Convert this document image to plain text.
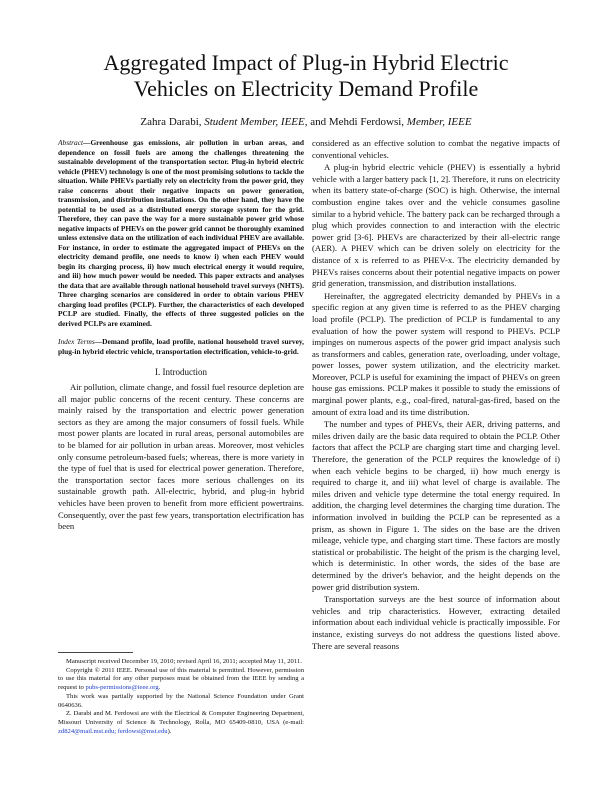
Aggregated Impact of Plug-in Hybrid Electric
Vehicles on Electricity Demand Profile
Zahra Darabi, Student Member, IEEE, and Mehdi Ferdowsi, Member, IEEE

Abstract—Greenhouse gas emissions, air pollution in urban areas, and dependence on fossil fuels are among the challenges threatening the sustainable development of the transportation sector. Plug-in hybrid electric vehicle (PHEV) technology is one of the most promising solutions to tackle the situation. While PHEVs partially rely on electricity from the power grid, they raise concerns about their negative impacts on power generation, transmission, and distribution installations. On the other hand, they have the potential to be used as a distributed energy storage system for the grid. Therefore, they can pave the way for a more sustainable power grid whose negative impacts of PHEVs on the power grid cannot be thoroughly examined unless extensive data on the utilization of each individual PHEV are available. For instance, in order to estimate the aggregated impact of PHEVs on the electricity demand profile, one needs to know i) when each PHEV would begin its charging process, ii) how much electrical energy it would require, and iii) how much power would be needed. This paper extracts and analyses the data that are available through national household travel surveys (NHTS). Three charging scenarios are considered in order to obtain various PHEV charging load profiles (PCLP). Further, the characteristics of each developed PCLP are studied. Finally, the effects of three suggested policies on the derived PCLPs are examined.

Index Terms—Demand profile, load profile, national household travel survey, plug-in hybrid electric vehicle, transportation electrification, vehicle-to-grid.

I. Introduction

Air pollution, climate change, and fossil fuel resource depletion are all major public concerns of the recent century. These concerns are mainly raised by the transportation and electric power generation sectors as they are among the major consumers of fossil fuels. While most power plants are located in rural areas, personal automobiles are to be blamed for air pollution in urban areas. Moreover, most vehicles only consume petroleum-based fuels; whereas, there is more variety in the type of fuel that is used for electrical power generation. Therefore, the transportation sector faces more serious challenges on its sustainable growth path. All-electric, hybrid, and plug-in hybrid vehicles have been proven to benefit from more efficient powertrains. Consequently, over the past few years, transportation electrification has been

considered as an effective solution to combat the negative impacts of conventional vehicles.

A plug-in hybrid electric vehicle (PHEV) is essentially a hybrid vehicle with a larger battery pack [1, 2]. Therefore, it runs on electricity when its battery state-of-charge (SOC) is high. Otherwise, the internal combustion engine takes over and the vehicle consumes gasoline similar to a hybrid vehicle. The battery pack can be recharged through a plug which provides connection to and interaction with the electric power grid [3-6]. PHEVs are characterized by their all-electric range (AER). A PHEV which can be driven solely on electricity for the distance of x is referred to as PHEV-x. The electricity demanded by PHEVs raises concerns about their potential negative impacts on power grid generation, transmission, and distribution installations.

Hereinafter, the aggregated electricity demanded by PHEVs in a specific region at any given time is referred to as the PHEV charging load profile (PCLP). The prediction of PCLP is fundamental to any evaluation of how the power system will respond to PHEVs. PCLP impinges on numerous aspects of the power grid impact analysis such as transformers and cables, generation rate, overloading, under voltage, power losses, power system utilization, and the electricity market. Moreover, PCLP is useful for examining the impact of PHEVs on green house gas emissions. PCLP makes it possible to study the emissions of marginal power plants, e.g., coal-fired, natural-gas-fired, based on the amount of extra load and its time distribution.

The number and types of PHEVs, their AER, driving patterns, and miles driven daily are the basic data required to obtain the PCLP. Other factors that affect the PCLP are charging start time and charging level. Therefore, the generation of the PCLP requires the knowledge of i) when each vehicle begins to be charged, ii) how much energy is required to charge it, and iii) what level of charge is available. The miles driven and vehicle type determine the total energy required. In addition, the charging level determines the charging time duration. The information involved in building the PCLP can be represented as a prism, as shown in Figure 1. The sides on the base are the driven mileage, vehicle type, and charging start time. These factors are mostly statistical or probabilistic. The height of the prism is the charging level, which is deterministic. In other words, the sides of the base are determined by the driver's behavior, and the height depends on the power grid distribution system.

Transportation surveys are the best source of information about vehicles and trip characteristics. However, extracting detailed information about each individual vehicle is practically impossible. For instance, existing surveys do not address the questions listed above. There are several reasons

Manuscript received December 19, 2010; revised April 16, 2011; accepted May 11, 2011.

Copyright © 2011 IEEE. Personal use of this material is permitted. However, permission to use this material for any other purposes must be obtained from the IEEE by sending a request to pubs-permissions@ieee.org.

This work was partially supported by the National Science Foundation under Grant 0640636.

Z. Darabi and M. Ferdowsi are with the Electrical & Computer Engineering Department, Missouri University of Science & Technology, Rolla, MO 65409-0810, USA (e-mail: zd824@mail.mst.edu; ferdowsi@mst.edu).
